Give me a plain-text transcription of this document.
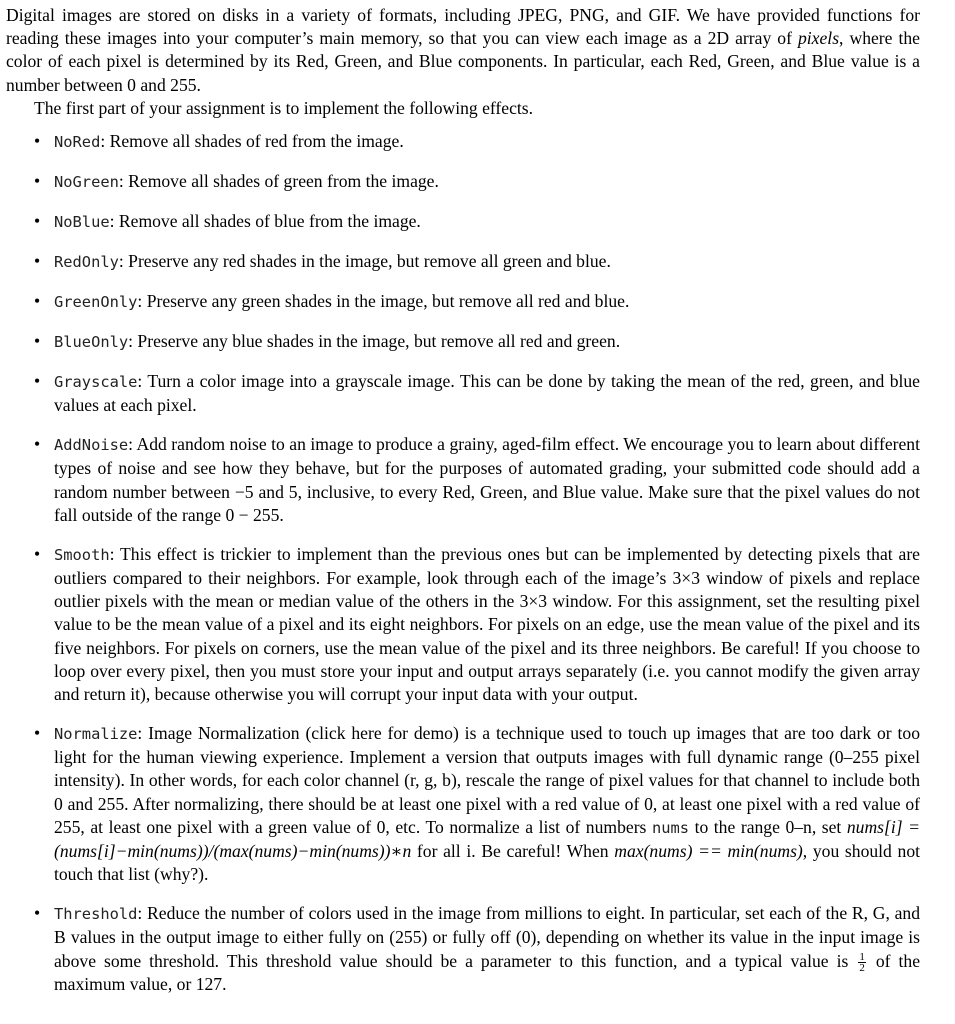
Digital images are stored on disks in a variety of formats, including JPEG, PNG, and GIF. We have provided functions for reading these images into your computer’s main memory, so that you can view each image as a 2D array of pixels, where the color of each pixel is determined by its Red, Green, and Blue components. In particular, each Red, Green, and Blue value is a number between 0 and 255.

The first part of your assignment is to implement the following effects.

• NoRed: Remove all shades of red from the image.
• NoGreen: Remove all shades of green from the image.
• NoBlue: Remove all shades of blue from the image.
• RedOnly: Preserve any red shades in the image, but remove all green and blue.
• GreenOnly: Preserve any green shades in the image, but remove all red and blue.
• BlueOnly: Preserve any blue shades in the image, but remove all red and green.
• Grayscale: Turn a color image into a grayscale image. This can be done by taking the mean of the red, green, and blue values at each pixel.
• AddNoise: Add random noise to an image to produce a grainy, aged-film effect. We encourage you to learn about different types of noise and see how they behave, but for the purposes of automated grading, your submitted code should add a random number between −5 and 5, inclusive, to every Red, Green, and Blue value. Make sure that the pixel values do not fall outside of the range 0 − 255.
• Smooth: This effect is trickier to implement than the previous ones but can be implemented by detecting pixels that are outliers compared to their neighbors. For example, look through each of the image’s 3×3 window of pixels and replace outlier pixels with the mean or median value of the others in the 3×3 window. For this assignment, set the resulting pixel value to be the mean value of a pixel and its eight neighbors. For pixels on an edge, use the mean value of the pixel and its five neighbors. For pixels on corners, use the mean value of the pixel and its three neighbors. Be careful! If you choose to loop over every pixel, then you must store your input and output arrays separately (i.e. you cannot modify the given array and return it), because otherwise you will corrupt your input data with your output.
• Normalize: Image Normalization (click here for demo) is a technique used to touch up images that are too dark or too light for the human viewing experience. Implement a version that outputs images with full dynamic range (0–255 pixel intensity). In other words, for each color channel (r, g, b), rescale the range of pixel values for that channel to include both 0 and 255. After normalizing, there should be at least one pixel with a red value of 0, at least one pixel with a red value of 255, at least one pixel with a green value of 0, etc. To normalize a list of numbers nums to the range 0–n, set nums[i] = (nums[i]−min(nums))/(max(nums)−min(nums))∗n for all i. Be careful! When max(nums) == min(nums), you should not touch that list (why?).
• Threshold: Reduce the number of colors used in the image from millions to eight. In particular, set each of the R, G, and B values in the output image to either fully on (255) or fully off (0), depending on whether its value in the input image is above some threshold. This threshold value should be a parameter to this function, and a typical value is $\frac{1}{2}$ of the maximum value, or 127.
